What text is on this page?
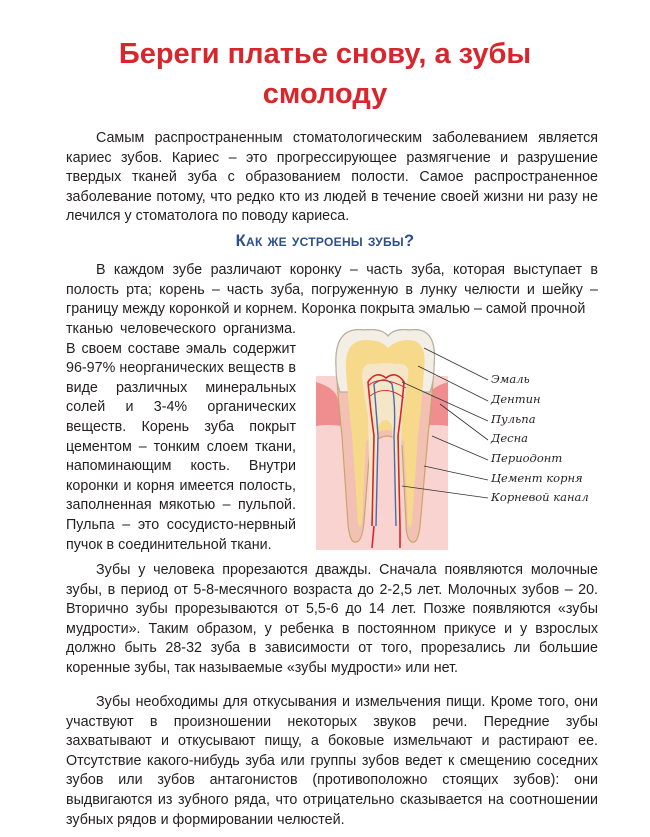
Береги платье снову, а зубы
смолоду

Самым распространенным стоматологическим заболеванием является кариес зубов. Кариес – это прогрессирующее размягчение и разрушение твердых тканей зуба с образованием полости. Самое распространенное заболевание потому, что редко кто из людей в течение своей жизни ни разу не лечился у стоматолога по поводу кариеса.

Как же устроены зубы?

В каждом зубе различают коронку – часть зуба, которая выступает в полость рта; корень – часть зуба, погруженную в лунку челюсти и шейку – границу между коронкой и корнем. Коронка покрыта эмалью – самой прочной

тканью человеческого организма. В своем составе эмаль содержит 96-97% неорганических веществ в виде различных минеральных солей и 3-4% органических веществ. Корень зуба покрыт цементом – тонким слоем ткани, напоминающим кость. Внутри коронки и корня имеется полость, заполненная мякотью – пульпой. Пульпа – это сосудисто-нервный пучок в соединительной ткани.

Эмаль
Дентин
Пульпа
Десна
Периодонт
Цемент корня
Корневой канал

Зубы у человека прорезаются дважды. Сначала появляются молочные зубы, в период от 5-8-месячного возраста до 2-2,5 лет. Молочных зубов – 20. Вторично зубы прорезываются от 5,5-6 до 14 лет. Позже появляются «зубы мудрости». Таким образом, у ребенка в постоянном прикусе и у взрослых должно быть 28-32 зуба в зависимости от того, прорезались ли большие коренные зубы, так называемые «зубы мудрости» или нет.

Зубы необходимы для откусывания и измельчения пищи. Кроме того, они участвуют в произношении некоторых звуков речи. Передние зубы захватывают и откусывают пищу, а боковые измельчают и растирают ее. Отсутствие какого-нибудь зуба или группы зубов ведет к смещению соседних зубов или зубов антагонистов (противоположно стоящих зубов): они выдвигаются из зубного ряда, что отрицательно сказывается на соотношении зубных рядов и формировании челюстей.
